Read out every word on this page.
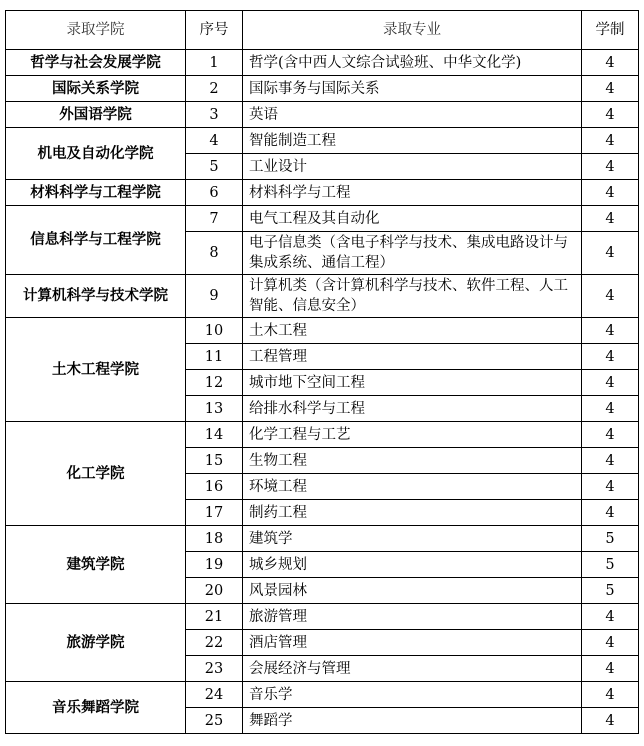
录取学院	序号	录取专业	学制
哲学与社会发展学院	1	哲学(含中西人文综合试验班、中华文化学)	4
国际关系学院	2	国际事务与国际关系	4
外国语学院	3	英语	4
机电及自动化学院	4	智能制造工程	4
	5	工业设计	4
材料科学与工程学院	6	材料科学与工程	4
信息科学与工程学院	7	电气工程及其自动化	4
	8	电子信息类（含电子科学与技术、集成电路设计与集成系统、通信工程）	4
计算机科学与技术学院	9	计算机类（含计算机科学与技术、软件工程、人工智能、信息安全）	4
土木工程学院	10	土木工程	4
	11	工程管理	4
	12	城市地下空间工程	4
	13	给排水科学与工程	4
化工学院	14	化学工程与工艺	4
	15	生物工程	4
	16	环境工程	4
	17	制药工程	4
建筑学院	18	建筑学	5
	19	城乡规划	5
	20	风景园林	5
旅游学院	21	旅游管理	4
	22	酒店管理	4
	23	会展经济与管理	4
音乐舞蹈学院	24	音乐学	4
	25	舞蹈学	4
